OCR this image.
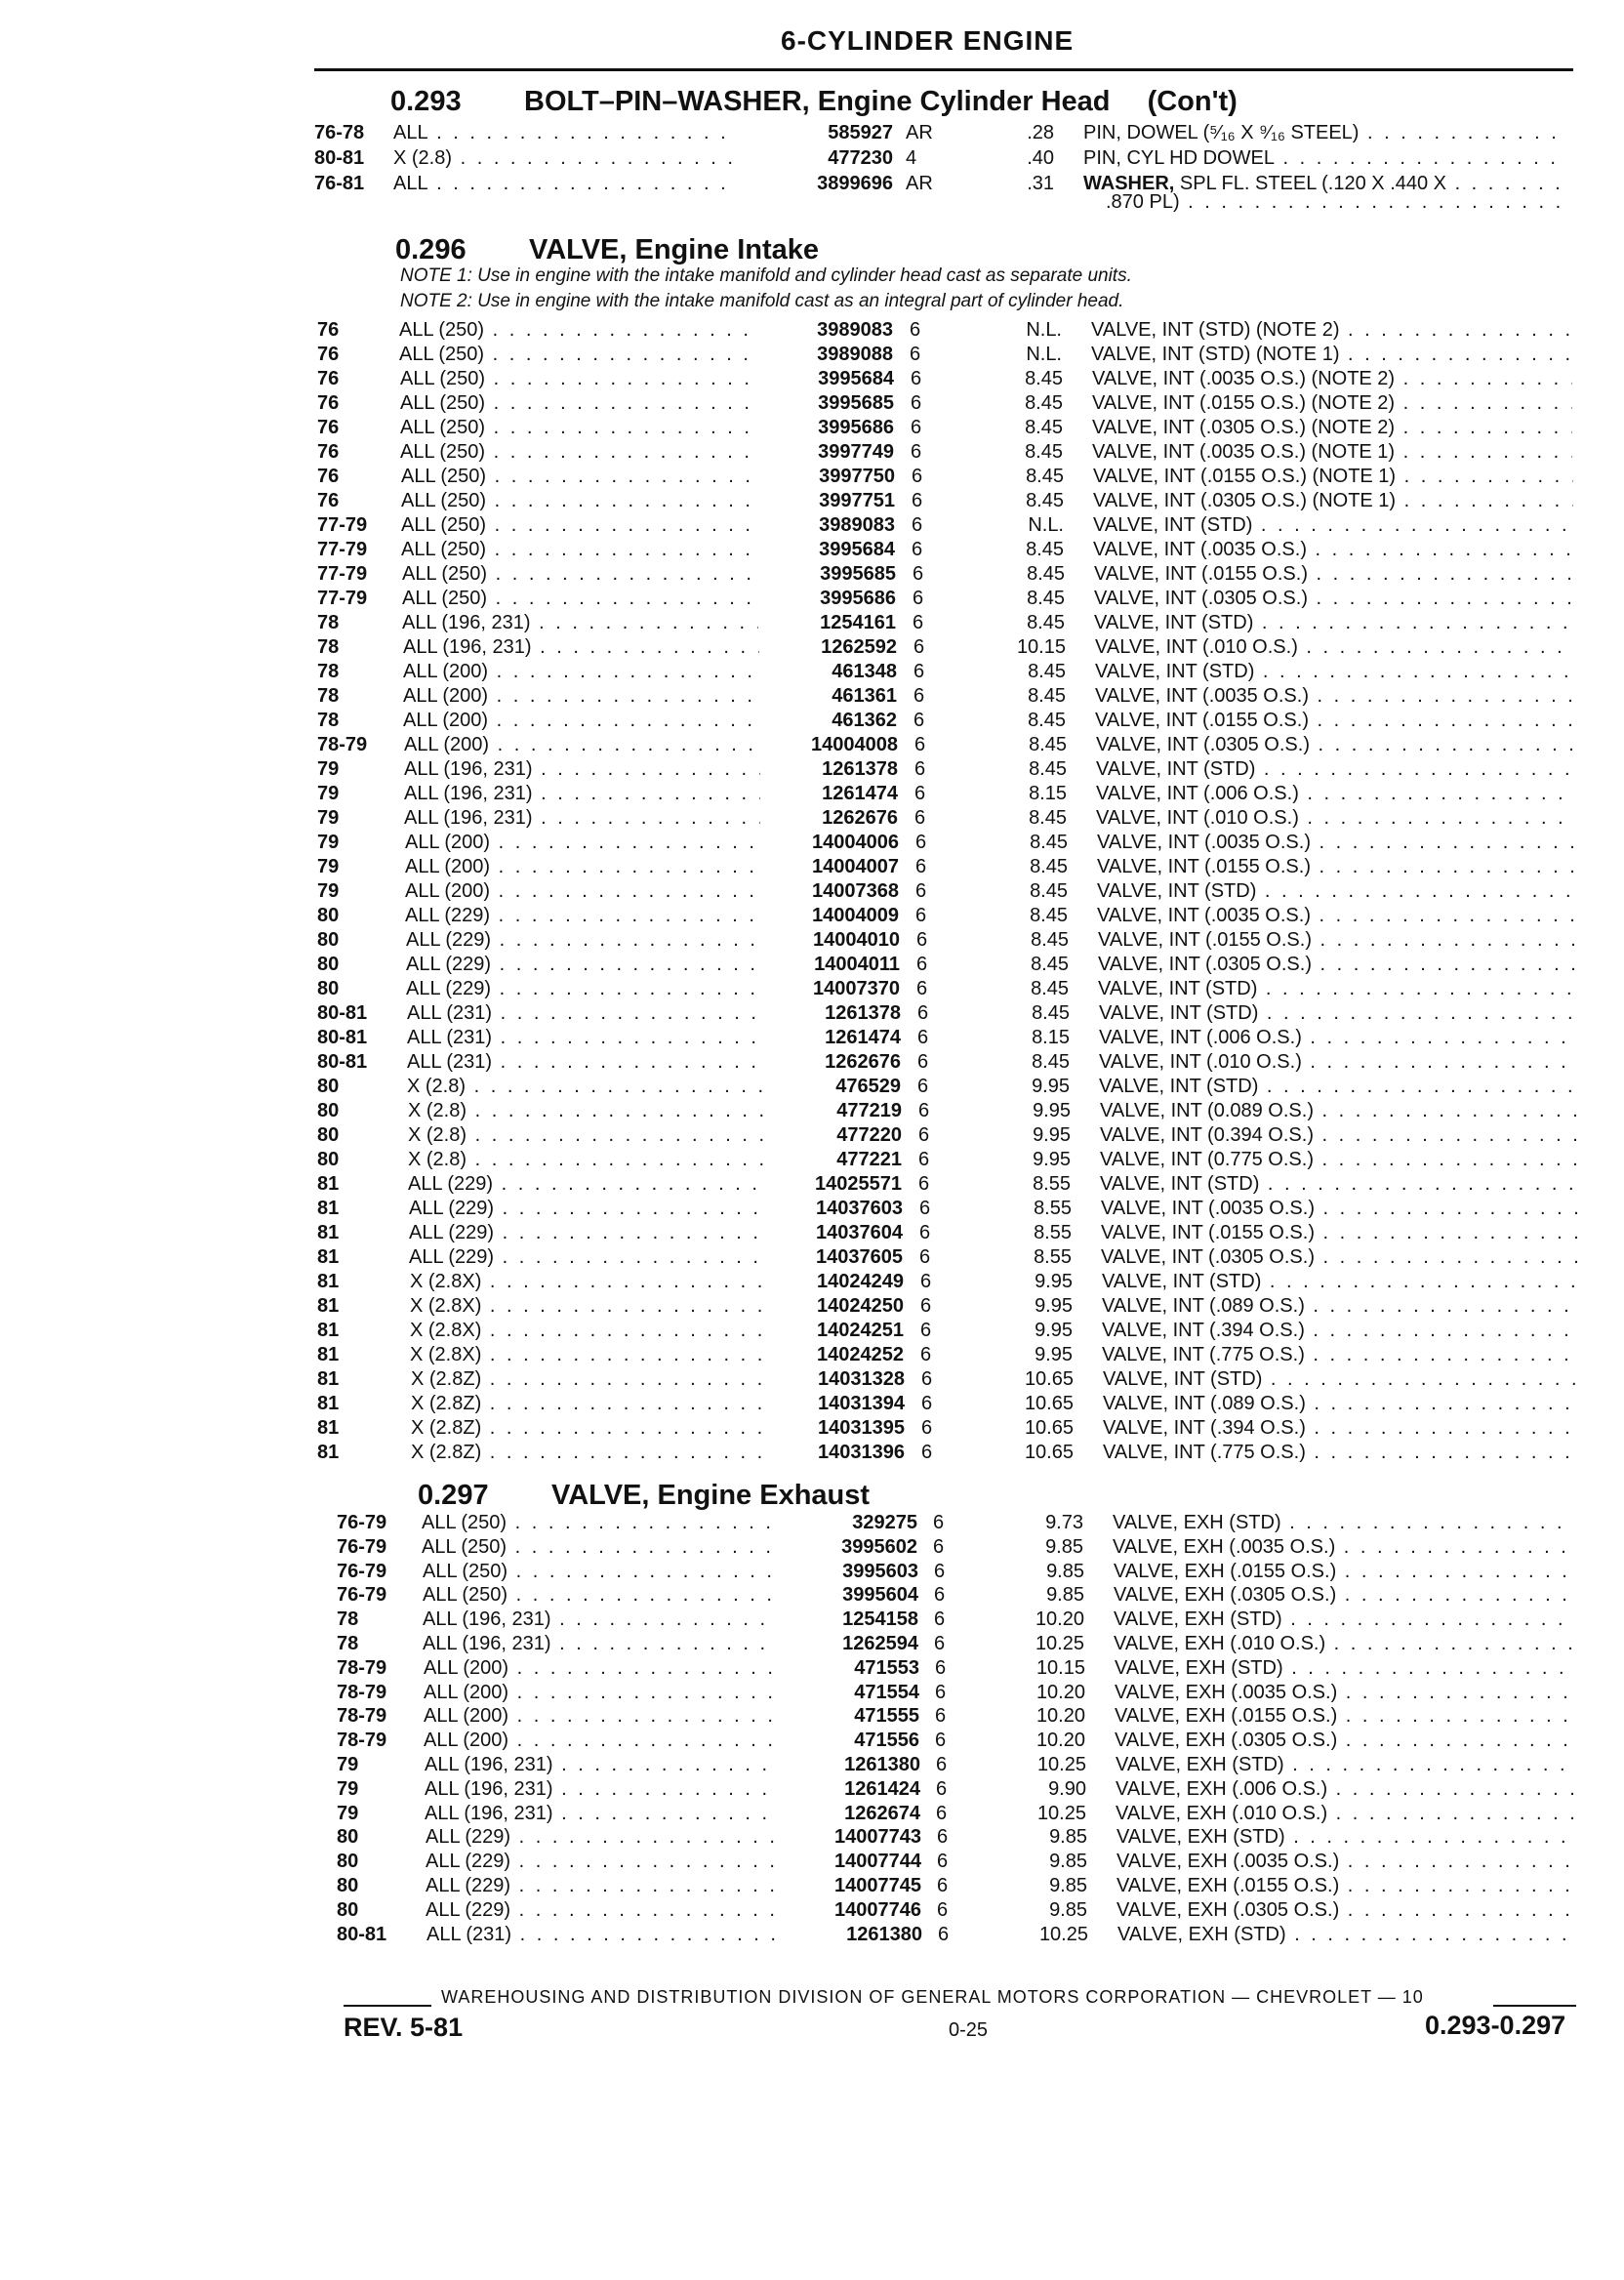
6-CYLINDER ENGINE
0.293 BOLT–PIN–WASHER, Engine Cylinder Head (Con't)
76-78 ALL . . .	585927 AR	.28 PIN, DOWEL (⁵⁄₁₆ X ⁹⁄₁₆ STEEL) . . .
80-81 X (2.8) . . .	477230 4	.40 PIN, CYL HD DOWEL . . .
76-81 ALL . . .	3899696 AR	.31 WASHER, SPL FL. STEEL (.120 X .440 X . . .
.870 PL) . . .
0.296 VALVE, Engine Intake
NOTE 1: Use in engine with the intake manifold and cylinder head cast as separate units.
NOTE 2: Use in engine with the intake manifold cast as an integral part of cylinder head.
76	ALL (250) . . .	3989083 6	N.L. VALVE, INT (STD) (NOTE 2) . . .
76	ALL (250) . . .	3989088 6	N.L. VALVE, INT (STD) (NOTE 1) . . .
76	ALL (250) . . .	3995684 6	8.45 VALVE, INT (.0035 O.S.) (NOTE 2) . . .
76	ALL (250) . . .	3995685 6	8.45 VALVE, INT (.0155 O.S.) (NOTE 2) . . .
76	ALL (250) . . .	3995686 6	8.45 VALVE, INT (.0305 O.S.) (NOTE 2) . . .
76	ALL (250) . . .	3997749 6	8.45 VALVE, INT (.0035 O.S.) (NOTE 1) . . .
76	ALL (250) . . .	3997750 6	8.45 VALVE, INT (.0155 O.S.) (NOTE 1) . . .
76	ALL (250) . . .	3997751 6	8.45 VALVE, INT (.0305 O.S.) (NOTE 1) . . .
77-79 ALL (250) . . .	3989083 6	N.L. VALVE, INT (STD) . . .
77-79 ALL (250) . . .	3995684 6	8.45 VALVE, INT (.0035 O.S.) . . .
77-79 ALL (250) . . .	3995685 6	8.45 VALVE, INT (.0155 O.S.) . . .
77-79 ALL (250) . . .	3995686 6	8.45 VALVE, INT (.0305 O.S.) . . .
78	ALL (196, 231) . . .	1254161 6	8.45 VALVE, INT (STD) . . .
78	ALL (196, 231) . . .	1262592 6	10.15 VALVE, INT (.010 O.S.) . . .
78	ALL (200) . . .	461348 6	8.45 VALVE, INT (STD) . . .
78	ALL (200) . . .	461361 6	8.45 VALVE, INT (.0035 O.S.) . . .
78	ALL (200) . . .	461362 6	8.45 VALVE, INT (.0155 O.S.) . . .
78-79 ALL (200) . . .	14004008 6	8.45 VALVE, INT (.0305 O.S.) . . .
79	ALL (196, 231) . . .	1261378 6	8.45 VALVE, INT (STD) . . .
79	ALL (196, 231) . . .	1261474 6	8.15 VALVE, INT (.006 O.S.) . . .
79	ALL (196, 231) . . .	1262676 6	8.45 VALVE, INT (.010 O.S.) . . .
79	ALL (200) . . .	14004006 6	8.45 VALVE, INT (.0035 O.S.) . . .
79	ALL (200) . . .	14004007 6	8.45 VALVE, INT (.0155 O.S.) . . .
79	ALL (200) . . .	14007368 6	8.45 VALVE, INT (STD) . . .
80	ALL (229) . . .	14004009 6	8.45 VALVE, INT (.0035 O.S.) . . .
80	ALL (229) . . .	14004010 6	8.45 VALVE, INT (.0155 O.S.) . . .
80	ALL (229) . . .	14004011 6	8.45 VALVE, INT (.0305 O.S.) . . .
80	ALL (229) . . .	14007370 6	8.45 VALVE, INT (STD) . . .
80-81 ALL (231) . . .	1261378 6	8.45 VALVE, INT (STD) . . .
80-81 ALL (231) . . .	1261474 6	8.15 VALVE, INT (.006 O.S.) . . .
80-81 ALL (231) . . .	1262676 6	8.45 VALVE, INT (.010 O.S.) . . .
80	X (2.8) . . .	476529 6	9.95 VALVE, INT (STD) . . .
80	X (2.8) . . .	477219 6	9.95 VALVE, INT (0.089 O.S.) . . .
80	X (2.8) . . .	477220 6	9.95 VALVE, INT (0.394 O.S.) . . .
80	X (2.8) . . .	477221 6	9.95 VALVE, INT (0.775 O.S.) . . .
81	ALL (229) . . .	14025571 6	8.55 VALVE, INT (STD) . . .
81	ALL (229) . . .	14037603 6	8.55 VALVE, INT (.0035 O.S.) . . .
81	ALL (229) . . .	14037604 6	8.55 VALVE, INT (.0155 O.S.) . . .
81	ALL (229) . . .	14037605 6	8.55 VALVE, INT (.0305 O.S.) . . .
81	X (2.8X) . . .	14024249 6	9.95 VALVE, INT (STD) . . .
81	X (2.8X) . . .	14024250 6	9.95 VALVE, INT (.089 O.S.) . . .
81	X (2.8X) . . .	14024251 6	9.95 VALVE, INT (.394 O.S.) . . .
81	X (2.8X) . . .	14024252 6	9.95 VALVE, INT (.775 O.S.) . . .
81	X (2.8Z) . . .	14031328 6	10.65 VALVE, INT (STD) . . .
81	X (2.8Z) . . .	14031394 6	10.65 VALVE, INT (.089 O.S.) . . .
81	X (2.8Z) . . .	14031395 6	10.65 VALVE, INT (.394 O.S.) . . .
81	X (2.8Z) . . .	14031396 6	10.65 VALVE, INT (.775 O.S.) . . .
0.297 VALVE, Engine Exhaust
76-79 ALL (250) . . .	329275 6	9.73 VALVE, EXH (STD) . . .
76-79 ALL (250) . . .	3995602 6	9.85 VALVE, EXH (.0035 O.S.) . . .
76-79 ALL (250) . . .	3995603 6	9.85 VALVE, EXH (.0155 O.S.) . . .
76-79 ALL (250) . . .	3995604 6	9.85 VALVE, EXH (.0305 O.S.) . . .
78	ALL (196, 231) . . .	1254158 6	10.20 VALVE, EXH (STD) . . .
78	ALL (196, 231) . . .	1262594 6	10.25 VALVE, EXH (.010 O.S.) . . .
78-79 ALL (200) . . .	471553 6	10.15 VALVE, EXH (STD) . . .
78-79 ALL (200) . . .	471554 6	10.20 VALVE, EXH (.0035 O.S.) . . .
78-79 ALL (200) . . .	471555 6	10.20 VALVE, EXH (.0155 O.S.) . . .
78-79 ALL (200) . . .	471556 6	10.20 VALVE, EXH (.0305 O.S.) . . .
79	ALL (196, 231) . . .	1261380 6	10.25 VALVE, EXH (STD) . . .
79	ALL (196, 231) . . .	1261424 6	9.90 VALVE, EXH (.006 O.S.) . . .
79	ALL (196, 231) . . .	1262674 6	10.25 VALVE, EXH (.010 O.S.) . . .
80	ALL (229) . . .	14007743 6	9.85 VALVE, EXH (STD) . . .
80	ALL (229) . . .	14007744 6	9.85 VALVE, EXH (.0035 O.S.) . . .
80	ALL (229) . . .	14007745 6	9.85 VALVE, EXH (.0155 O.S.) . . .
80	ALL (229) . . .	14007746 6	9.85 VALVE, EXH (.0305 O.S.) . . .
80-81 ALL (231) . . .	1261380 6	10.25 VALVE, EXH (STD) . . .
WAREHOUSING AND DISTRIBUTION DIVISION OF GENERAL MOTORS CORPORATION — CHEVROLET — 10
REV. 5-81	0-25	0.293-0.297
